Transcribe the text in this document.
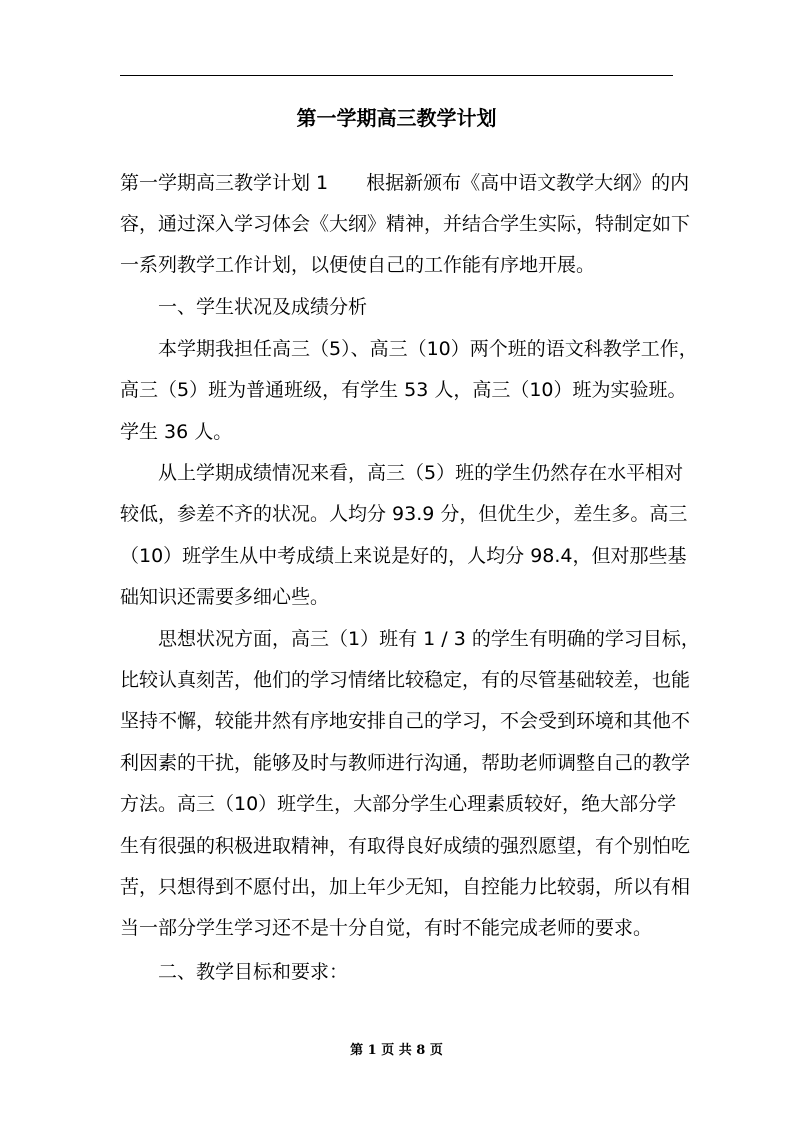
第一学期高三教学计划
第一学期高三教学计划 1 根据新颁布《高中语文教学大纲》的内
容，通过深入学习体会《大纲》精神，并结合学生实际，特制定如下
一系列教学工作计划，以便使自己的工作能有序地开展。
一、学生状况及成绩分析
本学期我担任高三（5）、高三（10）两个班的语文科教学工作，
高三（5）班为普通班级，有学生 53 人，高三（10）班为实验班。
学生 36 人。
从上学期成绩情况来看，高三（5）班的学生仍然存在水平相对
较低，参差不齐的状况。人均分 93.9 分，但优生少，差生多。高三
（10）班学生从中考成绩上来说是好的，人均分 98.4，但对那些基
础知识还需要多细心些。
思想状况方面，高三（1）班有 1 / 3 的学生有明确的学习目标，
比较认真刻苦，他们的学习情绪比较稳定，有的尽管基础较差，也能
坚持不懈，较能井然有序地安排自己的学习，不会受到环境和其他不
利因素的干扰，能够及时与教师进行沟通，帮助老师调整自己的教学
方法。高三（10）班学生，大部分学生心理素质较好，绝大部分学
生有很强的积极进取精神，有取得良好成绩的强烈愿望，有个别怕吃
苦，只想得到不愿付出，加上年少无知，自控能力比较弱，所以有相
当一部分学生学习还不是十分自觉，有时不能完成老师的要求。
二、教学目标和要求：
第 1 页 共 8 页
